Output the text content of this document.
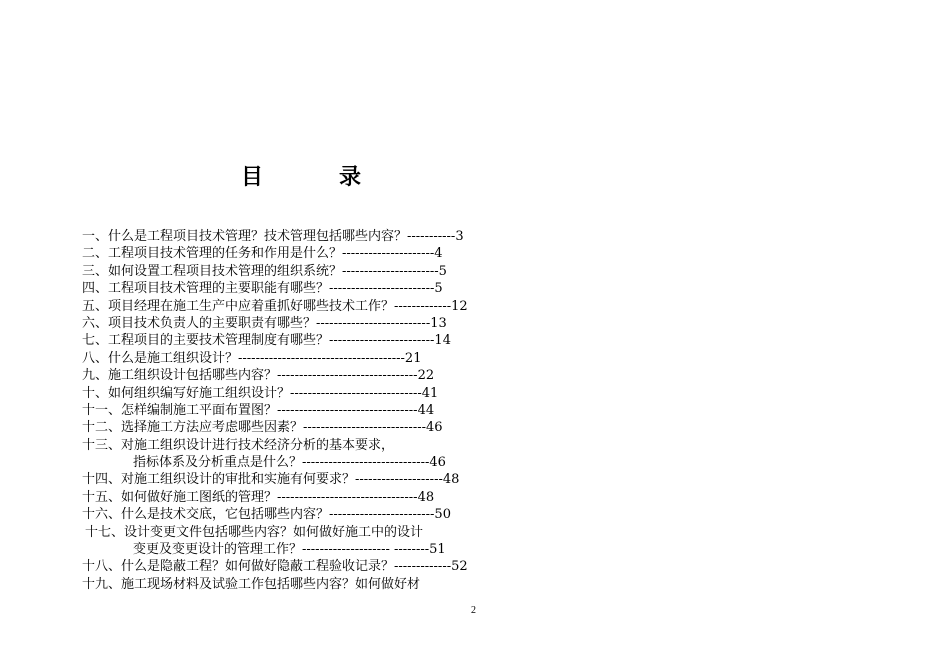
目	录
一、什么是工程项目技术管理？技术管理包括哪些内容？-----------3
二、工程项目技术管理的任务和作用是什么？---------------------4
三、如何设置工程项目技术管理的组织系统？----------------------5
四、工程项目技术管理的主要职能有哪些？------------------------5
五、项目经理在施工生产中应着重抓好哪些技术工作？-------------12
六、项目技术负责人的主要职责有哪些？--------------------------13
七、工程项目的主要技术管理制度有哪些？------------------------14
八、什么是施工组织设计？--------------------------------------21
九、施工组织设计包括哪些内容？--------------------------------22
十、如何组织编写好施工组织设计？------------------------------41
十一、怎样编制施工平面布置图？--------------------------------44
十二、选择施工方法应考虑哪些因素？----------------------------46
十三、对施工组织设计进行技术经济分析的基本要求，
指标体系及分析重点是什么？-----------------------------46
十四、对施工组织设计的审批和实施有何要求？--------------------48
十五、如何做好施工图纸的管理？--------------------------------48
十六、什么是技术交底，它包括哪些内容？------------------------50
十七、设计变更文件包括哪些内容？如何做好施工中的设计
变更及变更设计的管理工作？-------------------- --------51
十八、什么是隐蔽工程？如何做好隐蔽工程验收记录？-------------52
十九、施工现场材料及试验工作包括哪些内容？如何做好材
2
